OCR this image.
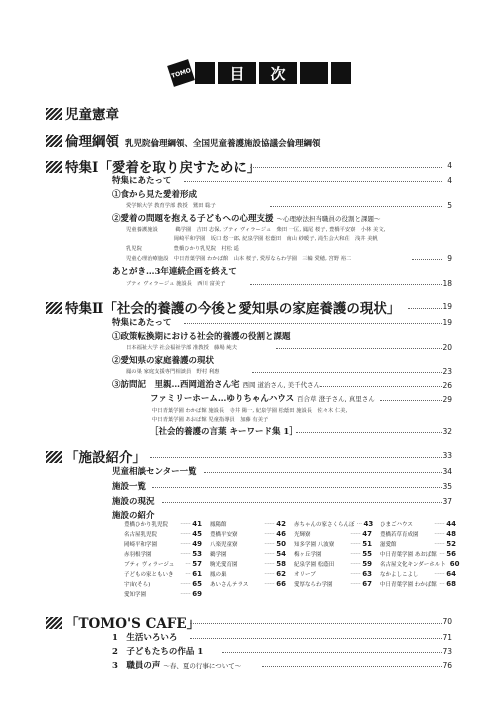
TOMO	目	次
児童憲章
倫理綱領 乳児院倫理綱領、全国児童養護施設協議会倫理綱領
特集Ⅰ「愛着を取り戻すために」	4
特集にあたって	4
①食から見た愛着形成
愛学館大学 教育学部 教授　鷲田 聡子	5
②愛着の問題を抱える子どもへの心理支援 〜心理療法担当職員の役割と課題〜
児童養護施設　　　 鵜学園　吉田 志保, ブティ ヴィラージュ　柴田 一匡, 鳳尾 桜子, 豊橋平安寮　小林 美文,
　　　　　　　　　岡崎平和学園　坂口 悠一郎, 紀泉学園 松蔭田　南山 紗暖子, 滝生会大和荘　浅井 美帆
乳児院　　　　　　豊橋ひかり乳児院　村松 遥
児童心理治療施設　中日青葉学園 わかば館　山本 桜子, 愛厚ならわ学園　三輪 愛穂, 宮野 裕二	9
あとがき…3年連続企画を終えて
ブティ ヴィラージュ 施設長　西川 富美子	18
特集Ⅱ「社会的養護の今後と愛知県の家庭養護の現状」	19
特集にあたって	19
①政策転換期における社会的養護の役割と課題
日本福祉大学 社会福祉学部 准教授　藤場 純夫	20
②愛知県の家庭養護の現状
鳳の巣 家庭支援専門相談員　野村 利惠	23
③訪問記　里親…西岡道治さん宅 西岡 道治さん, 美千代さん	26
ファミリーホーム…ゆりちゃんハウス 百合草 澄子さん, 真里さん	29
中日青葉学園 わかば館 施設長　寺井 陽一, 紀泉学園 松蔭田 施設長　佐々木 仁美,
中日青葉学園 あおば館 児童指導員　加藤 有美子
［社会的養護の言葉 キーワード集 1］	32
「施設紹介」	33
児童相談センター一覧	34
施設一覧	35
施設の現況	37
施設の紹介
豊橋ひかり乳児院	…… 41 鳳陽館	…… 42 赤ちゃんの家さくらんぼ … 43 ひまごハウス	…… 44
名古屋乳児院	…… 45 豊橋平安寮	…… 46 光輝寮	…… 47 豊橋若草育成園	…… 48
岡崎平和学園	…… 49 八楽児童寮	…… 50 知多学園 八波寮	…… 51 滋愛館	…… 52
赤羽根学園	…… 53 鵜学園	…… 54 梅ヶ丘学園	…… 55 中日青葉学園 あおば館 … 56
ブティ ヴィラージュ	… 57 駒光愛育園	…… 58 紀泉学園 松蔭田	…… 59 名古屋文化キンダーホルト 60
子どもの家ともいき	… 61 鳳の巣	…… 62 オリーブ	…… 63 なかよしこよし	…… 64
宇宙(そら)	…… 65 あいさんテラス	…… 66 愛厚ならわ学園	…… 67 中日青葉学園 わかば館 … 68
愛知学園	…… 69
「TOMO'S CAFE」	70
1　生活いろいろ	71
2　子どもたちの作品 1	73
3　職員の声 〜春、夏の行事について〜	76
